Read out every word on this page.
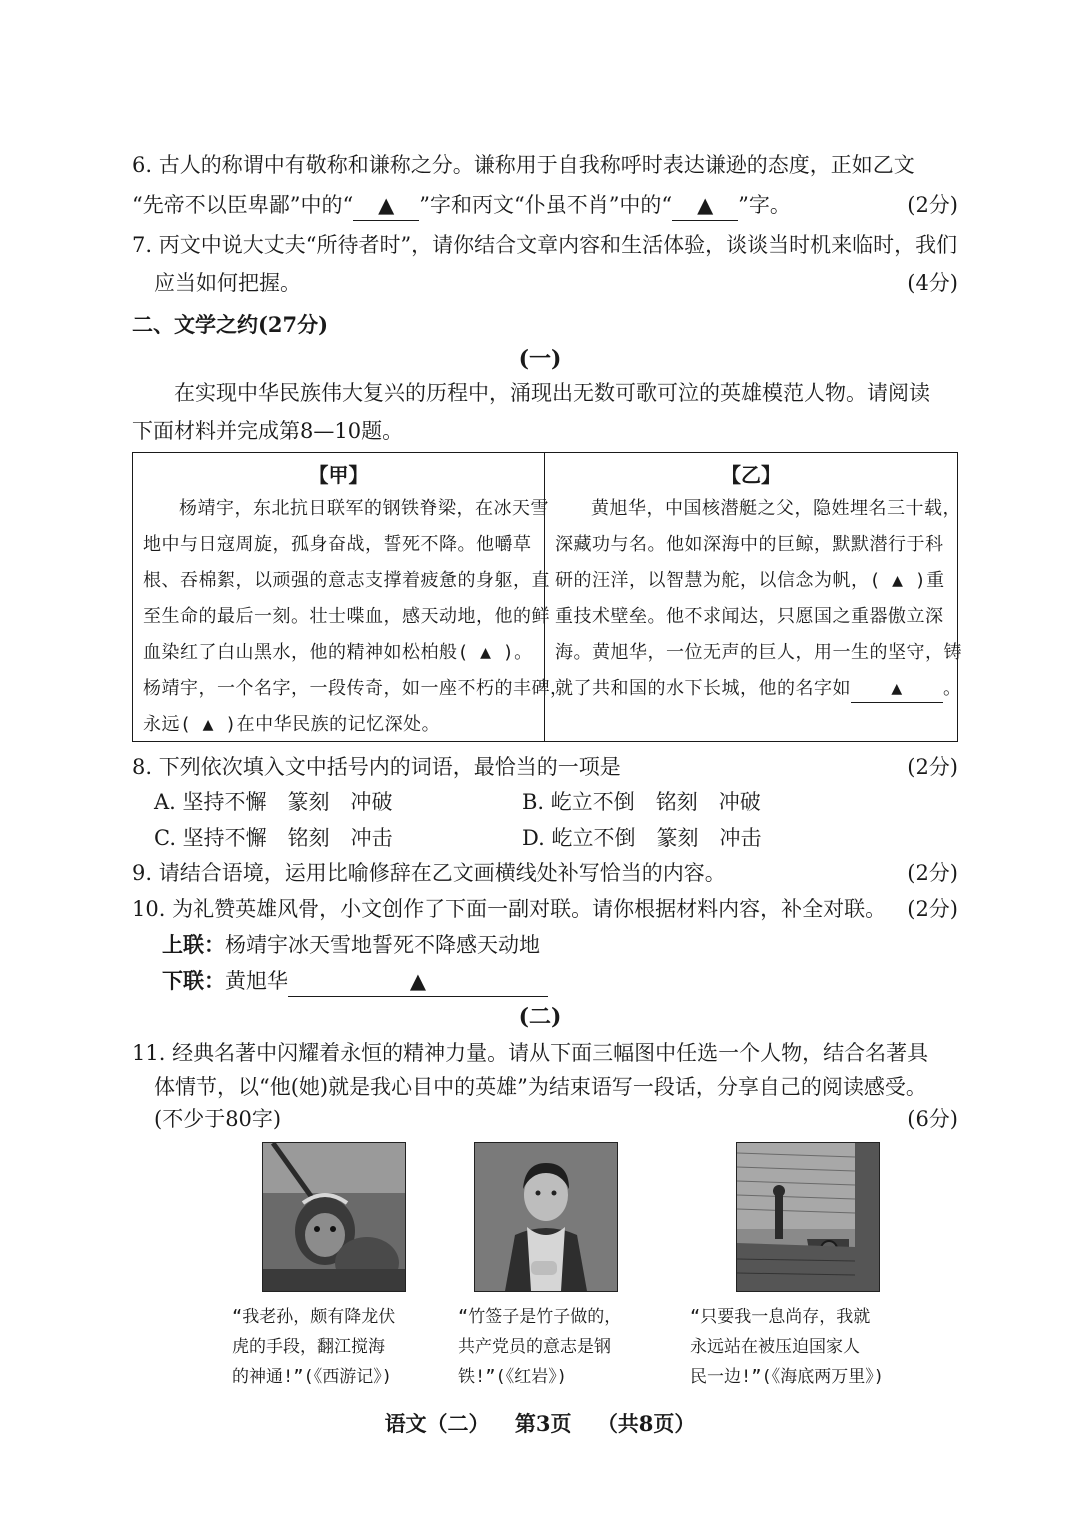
6. 古人的称谓中有敬称和谦称之分。谦称用于自我称呼时表达谦逊的态度，正如乙文
“先帝不以臣卑鄙”中的“ ▲ ”字和丙文“仆虽不肖”中的“ ▲ ”字。	(2分)
7. 丙文中说大丈夫“所待者时”，请你结合文章内容和生活体验，谈谈当时机来临时，我们
应当如何把握。	(4分)
二、文学之约(27分)
(一)
在实现中华民族伟大复兴的历程中，涌现出无数可歌可泣的英雄模范人物。请阅读
下面材料并完成第8—10题。
【甲】
杨靖宇，东北抗日联军的钢铁脊梁，在冰天雪
地中与日寇周旋，孤身奋战，誓死不降。他嚼草
根、吞棉絮，以顽强的意志支撑着疲惫的身躯，直
至生命的最后一刻。壮士喋血，感天动地，他的鲜
血染红了白山黑水，他的精神如松柏般( ▲ )。
杨靖宇，一个名字，一段传奇，如一座不朽的丰碑，
永远( ▲ )在中华民族的记忆深处。
【乙】
黄旭华，中国核潜艇之父，隐姓埋名三十载，
深藏功与名。他如深海中的巨鲸，默默潜行于科
研的汪洋，以智慧为舵，以信念为帆，( ▲ )重
重技术壁垒。他不求闻达，只愿国之重器傲立深
海。黄旭华，一位无声的巨人，用一生的坚守，铸
就了共和国的水下长城，他的名字如 ▲ 。
8. 下列依次填入文中括号内的词语，最恰当的一项是	(2分)
A. 坚持不懈　篆刻　冲破	B. 屹立不倒　铭刻　冲破
C. 坚持不懈　铭刻　冲击	D. 屹立不倒　篆刻　冲击
9. 请结合语境，运用比喻修辞在乙文画横线处补写恰当的内容。	(2分)
10. 为礼赞英雄风骨，小文创作了下面一副对联。请你根据材料内容，补全对联。 (2分)
上联：杨靖宇冰天雪地誓死不降感天动地
下联：黄旭华	▲
(二)
11. 经典名著中闪耀着永恒的精神力量。请从下面三幅图中任选一个人物，结合名著具
体情节，以“他(她)就是我心目中的英雄”为结束语写一段话，分享自己的阅读感受。
(不少于80字)	(6分)
“我老孙，颇有降龙伏
虎的手段，翻江搅海
的神通!”(《西游记》)
“竹签子是竹子做的，
共产党员的意志是钢
铁!”(《红岩》)
“只要我一息尚存，我就
永远站在被压迫国家人
民一边!”(《海底两万里》)
语文（二） 第3页 （共8页）
